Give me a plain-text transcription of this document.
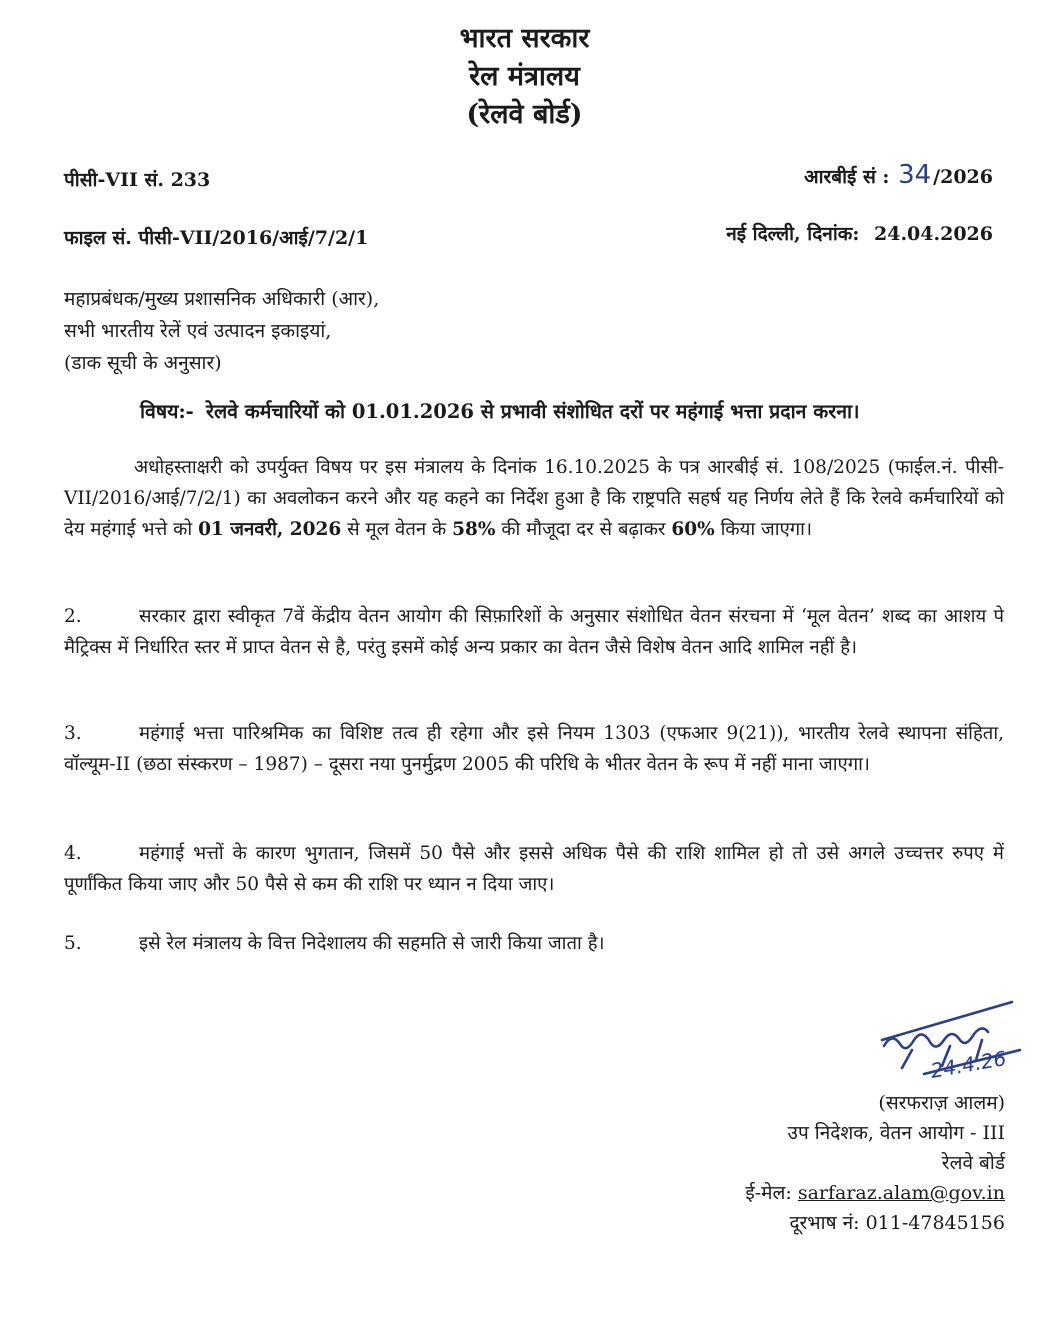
भारत सरकार
रेल मंत्रालय
(रेलवे बोर्ड)
पीसी-VII सं. 233	आरबीई सं : 34 /2026
फाइल सं. पीसी-VII/2016/आई/7/2/1	नई दिल्ली, दिनांक: 24.04.2026
महाप्रबंधक/मुख्य प्रशासनिक अधिकारी (आर),
सभी भारतीय रेलें एवं उत्पादन इकाइयां,
(डाक सूची के अनुसार)
विषय:- रेलवे कर्मचारियों को 01.01.2026 से प्रभावी संशोधित दरों पर महंगाई भत्ता प्रदान करना।
अधोहस्ताक्षरी को उपर्युक्त विषय पर इस मंत्रालय के दिनांक 16.10.2025 के पत्र आरबीई सं. 108/2025 (फाईल.नं. पीसी-VII/2016/आई/7/2/1) का अवलोकन करने और यह कहने का निर्देश हुआ है कि राष्ट्रपति सहर्ष यह निर्णय लेते हैं कि रेलवे कर्मचारियों को देय महंगाई भत्ते को 01 जनवरी, 2026 से मूल वेतन के 58% की मौजूदा दर से बढ़ाकर 60% किया जाएगा।
2.	सरकार द्वारा स्वीकृत 7वें केंद्रीय वेतन आयोग की सिफ़ारिशों के अनुसार संशोधित वेतन संरचना में ‘मूल वेतन’ शब्द का आशय पे मैट्रिक्स में निर्धारित स्तर में प्राप्त वेतन से है, परंतु इसमें कोई अन्य प्रकार का वेतन जैसे विशेष वेतन आदि शामिल नहीं है।
3.	महंगाई भत्ता पारिश्रमिक का विशिष्ट तत्व ही रहेगा और इसे नियम 1303 (एफआर 9(21)), भारतीय रेलवे स्थापना संहिता, वॉल्यूम-II (छठा संस्करण – 1987) – दूसरा नया पुनर्मुद्रण 2005 की परिधि के भीतर वेतन के रूप में नहीं माना जाएगा।
4.	महंगाई भत्तों के कारण भुगतान, जिसमें 50 पैसे और इससे अधिक पैसे की राशि शामिल हो तो उसे अगले उच्चत्तर रुपए में पूर्णांकित किया जाए और 50 पैसे से कम की राशि पर ध्यान न दिया जाए।
5.	इसे रेल मंत्रालय के वित्त निदेशालय की सहमति से जारी किया जाता है।
24.4.26
(सरफराज़ आलम)
उप निदेशक, वेतन आयोग - III
रेलवे बोर्ड
ई-मेल: sarfaraz.alam@gov.in
दूरभाष नं: 011-47845156
